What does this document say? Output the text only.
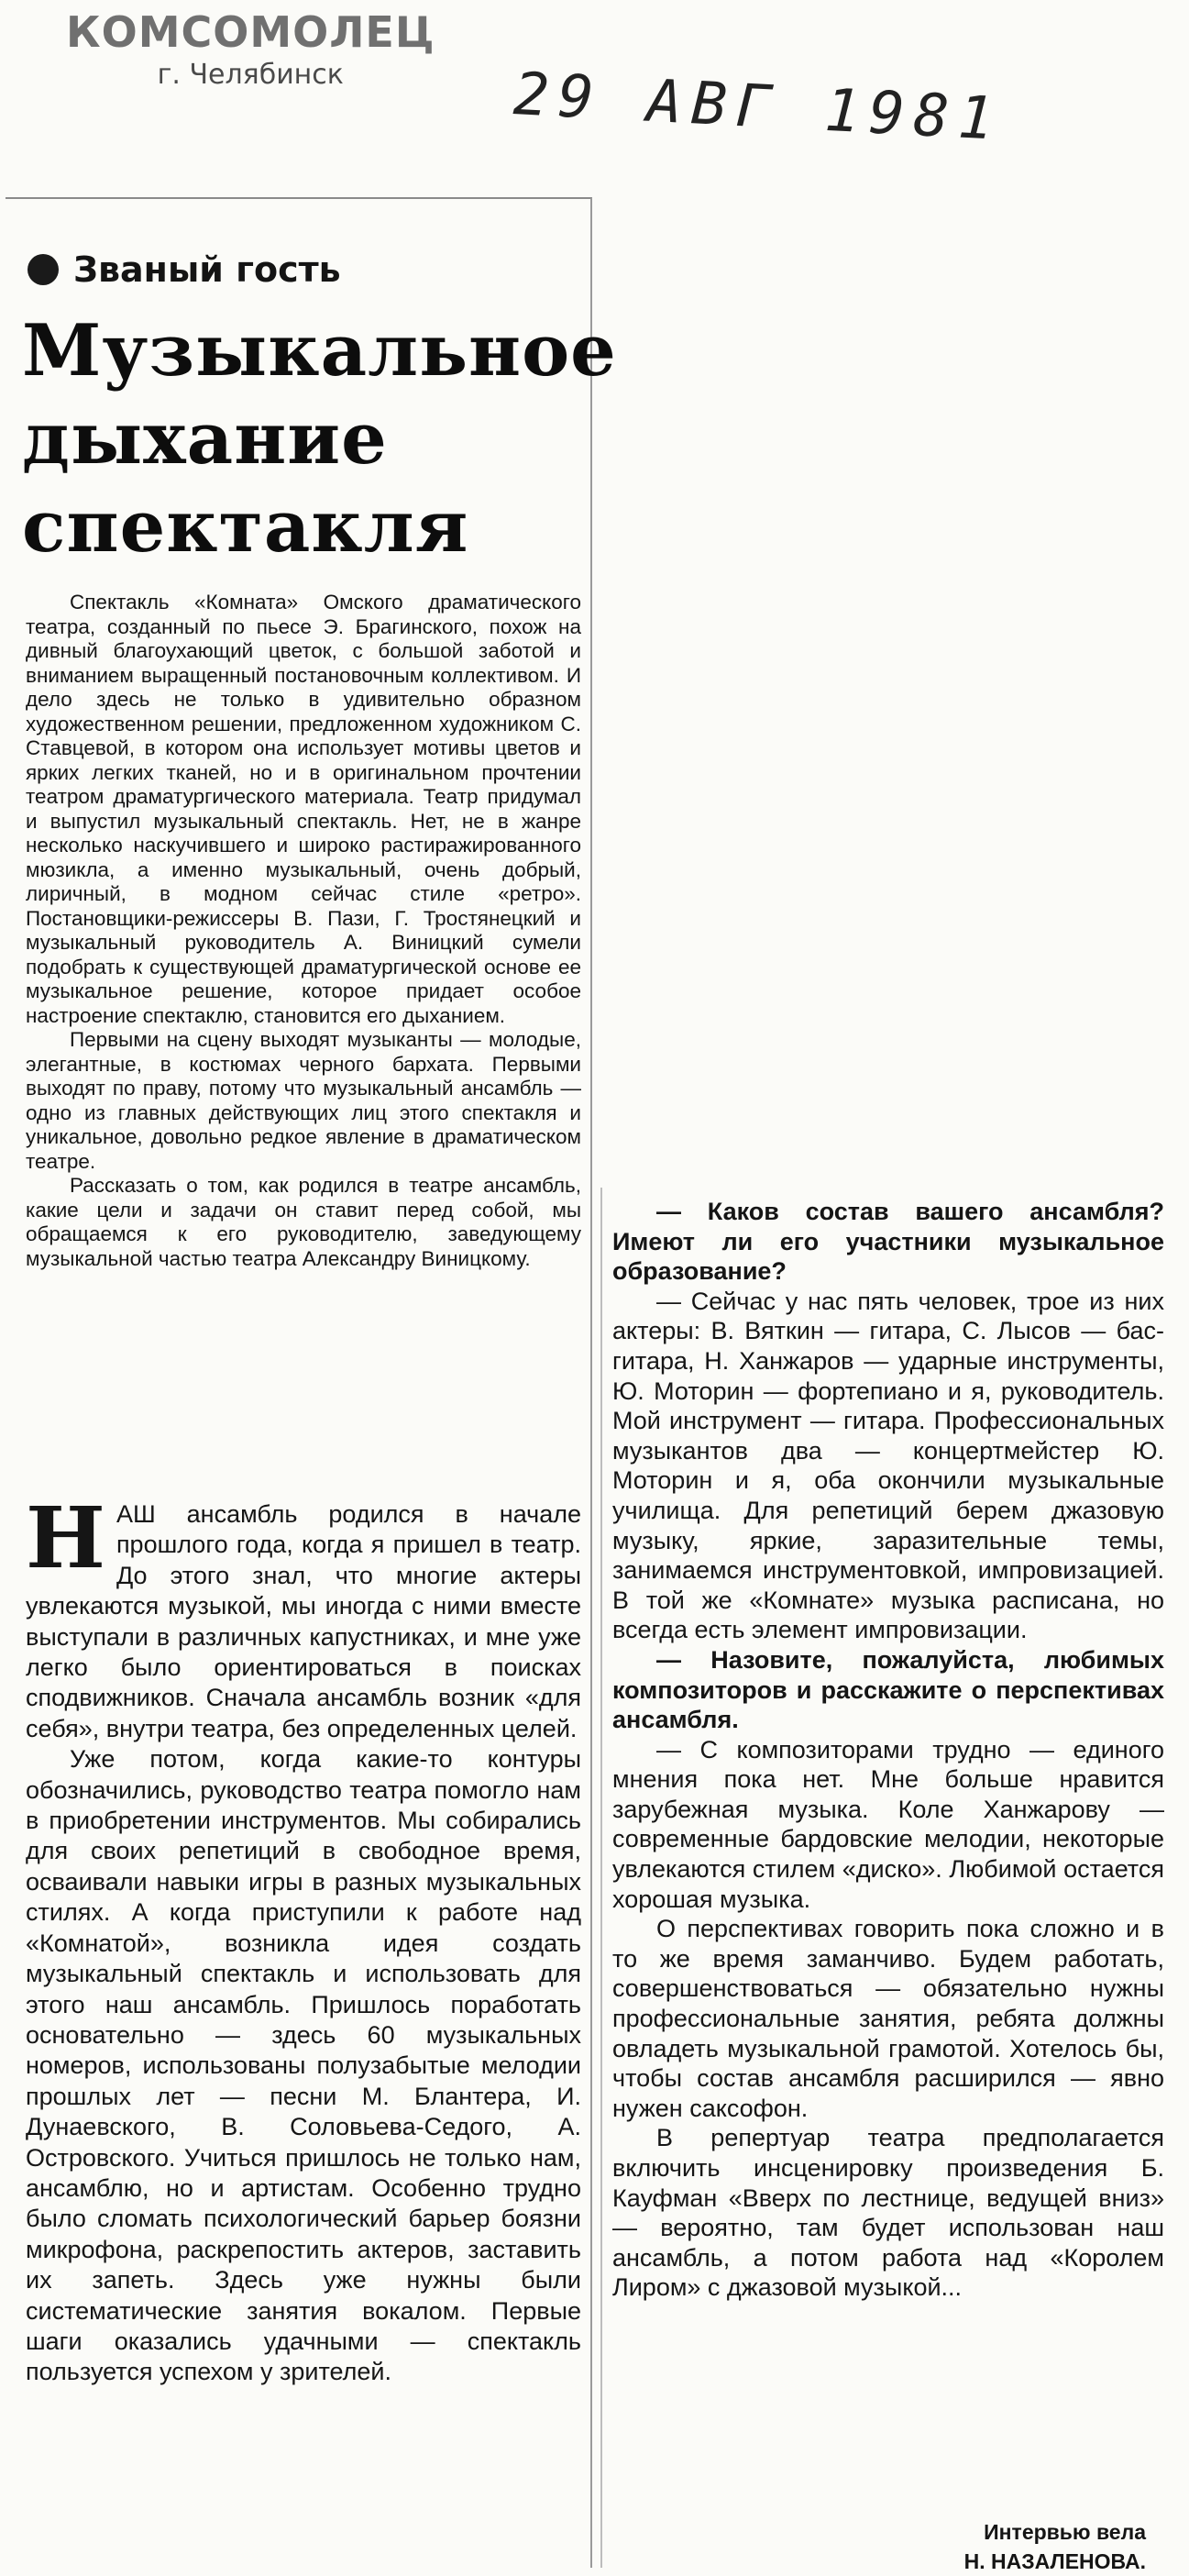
КОМСОМОЛЕЦ
г. Челябинск	29 АВГ 1981
Званый гость
Музыкальное дыхание спектакля

Спектакль «Комната» Омского драматического театра, созданный по пьесе Э. Брагинского, похож на дивный благоухающий цветок, с большой заботой и вниманием выращенный постановочным коллективом. И дело здесь не только в удивительно образном художественном решении, предложенном художником С. Ставцевой, в котором она использует мотивы цветов и ярких легких тканей, но и в оригинальном прочтении театром драматургического материала. Театр придумал и выпустил музыкальный спектакль. Нет, не в жанре несколько наскучившего и широко растиражированного мюзикла, а именно музыкальный, очень добрый, лиричный, в модном сейчас стиле «ретро». Постановщики-режиссеры В. Пази, Г. Тростянецкий и музыкальный руководитель А. Виницкий сумели подобрать к существующей драматургической основе ее музыкальное решение, которое придает особое настроение спектаклю, становится его дыханием.

Первыми на сцену выходят музыканты — молодые, элегантные, в костюмах черного бархата. Первыми выходят по праву, потому что музыкальный ансамбль — одно из главных действующих лиц этого спектакля и уникальное, довольно редкое явление в драматическом театре.

Рассказать о том, как родился в театре ансамбль, какие цели и задачи он ставит перед собой, мы обращаемся к его руководителю, заведующему музыкальной частью театра Александру Виницкому.

НАШ ансамбль родился в начале прошлого года, когда я пришел в театр. До этого знал, что многие актеры увлекаются музыкой, мы иногда с ними вместе выступали в различных капустниках, и мне уже легко было ориентироваться в поисках сподвижников. Сначала ансамбль возник «для себя», внутри театра, без определенных целей.

Уже потом, когда какие-то контуры обозначились, руководство театра помогло нам в приобретении инструментов. Мы собирались для своих репетиций в свободное время, осваивали навыки игры в разных музыкальных стилях. А когда приступили к работе над «Комнатой», возникла идея создать музыкальный спектакль и использовать для этого наш ансамбль. Пришлось поработать основательно — здесь 60 музыкальных номеров, использованы полузабытые мелодии прошлых лет — песни М. Блантера, И. Дунаевского, В. Соловьева-Седого, А. Островского. Учиться пришлось не только нам, ансамблю, но и артистам. Особенно трудно было сломать психологический барьер боязни микрофона, раскрепостить актеров, заставить их запеть. Здесь уже нужны были систематические занятия вокалом. Первые шаги оказались удачными — спектакль пользуется успехом у зрителей.

— Каков состав вашего ансамбля? Имеют ли его участники музыкальное образование?

— Сейчас у нас пять человек, трое из них актеры: В. Вяткин — гитара, С. Лысов — бас-гитара, Н. Ханжаров — ударные инструменты, Ю. Моторин — фортепиано и я, руководитель. Мой инструмент — гитара. Профессиональных музыкантов два — концертмейстер Ю. Моторин и я, оба окончили музыкальные училища. Для репетиций берем джазовую музыку, яркие, заразительные темы, занимаемся инструментовкой, импровизацией. В той же «Комнате» музыка расписана, но всегда есть элемент импровизации.

— Назовите, пожалуйста, любимых композиторов и расскажите о перспективах ансамбля.

— С композиторами трудно — единого мнения пока нет. Мне больше нравится зарубежная музыка. Коле Ханжарову — современные бардовские мелодии, некоторые увлекаются стилем «диско». Любимой остается хорошая музыка.

О перспективах говорить пока сложно и в то же время заманчиво. Будем работать, совершенствоваться — обязательно нужны профессиональные занятия, ребята должны овладеть музыкальной грамотой. Хотелось бы, чтобы состав ансамбля расширился — явно нужен саксофон.

В репертуар театра предполагается включить инсценировку произведения Б. Кауфман «Вверх по лестнице, ведущей вниз» — вероятно, там будет использован наш ансамбль, а потом работа над «Королем Лиром» с джазовой музыкой...

Интервью вела
Н. НАЗАЛЕНОВА.
